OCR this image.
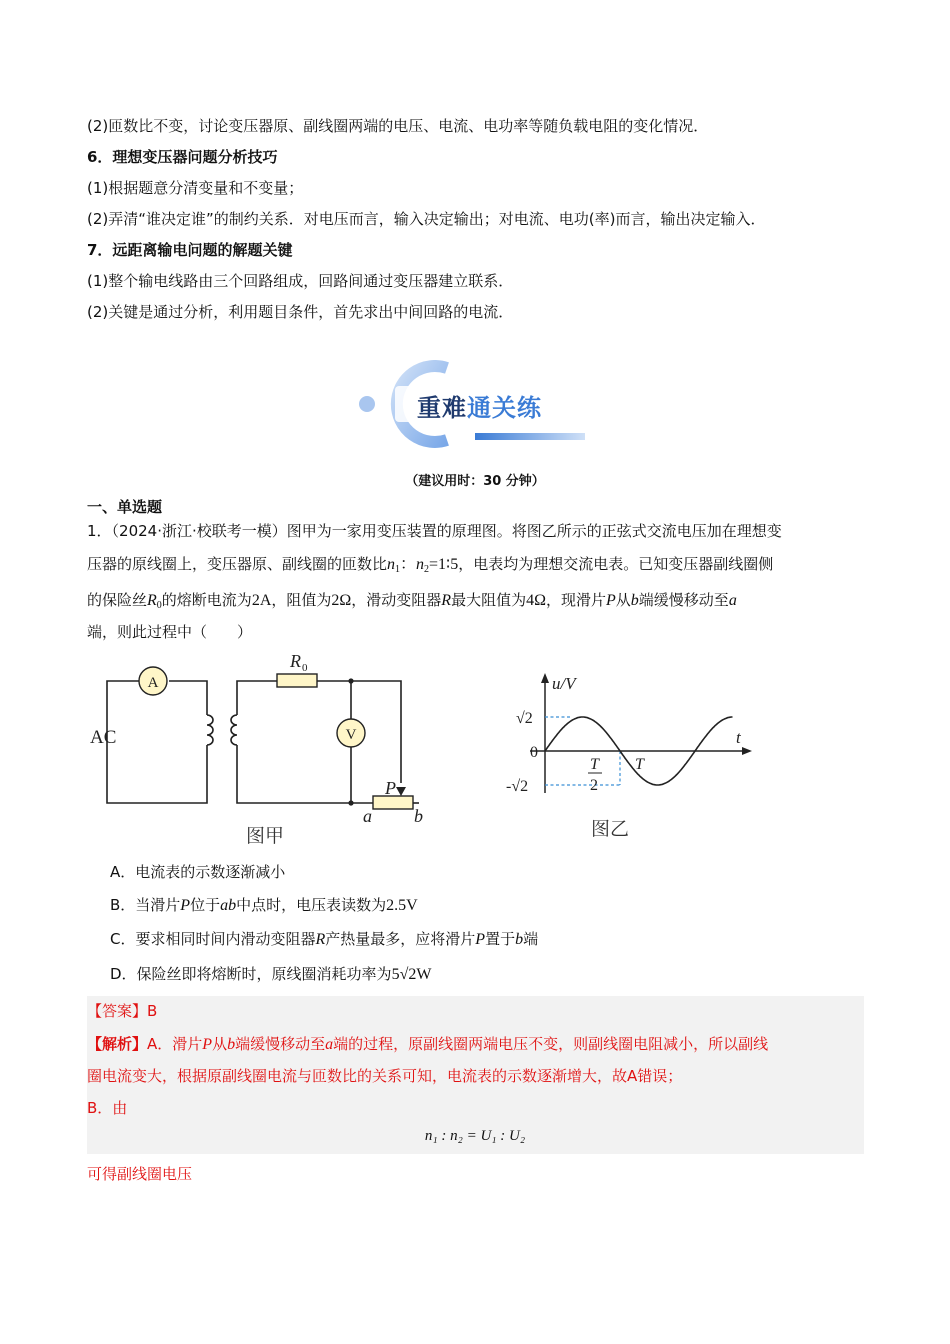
(2)匝数比不变，讨论变压器原、副线圈两端的电压、电流、电功率等随负载电阻的变化情况．
6．理想变压器问题分析技巧
(1)根据题意分清变量和不变量；
(2)弄清“谁决定谁”的制约关系．对电压而言，输入决定输出；对电流、电功(率)而言，输出决定输入．
7．远距离输电问题的解题关键
(1)整个输电线路由三个回路组成，回路间通过变压器建立联系．
(2)关键是通过分析，利用题目条件，首先求出中间回路的电流．
重难通关练
（建议用时：30 分钟）
一、单选题
1．（2024·浙江·校联考一模）图甲为一家用变压装置的原理图。将图乙所示的正弦式交流电压加在理想变
压器的原线圈上，变压器原、副线圈的匝数比$n_1$：$n_2=1∶5$，电表均为理想交流电表。已知变压器副线圈侧
的保险丝$R_0$的熔断电流为2A，阻值为2Ω，滑动变阻器R最大阻值为4Ω，现滑片P从b端缓慢移动至a
端，则此过程中（　　）
AC
A
V
R 0
P
a b
图甲
u/V
t
√2
0
-√2
T
2
T
图乙
A．电流表的示数逐渐减小
B．当滑片P位于ab中点时，电压表读数为2.5V
C．要求相同时间内滑动变阻器R产热量最多，应将滑片P置于b端
D．保险丝即将熔断时，原线圈消耗功率为5√2W
【答案】B
【解析】A．滑片P从b端缓慢移动至a端的过程，原副线圈两端电压不变，则副线圈电阻减小，所以副线
圈电流变大，根据原副线圈电流与匝数比的关系可知，电流表的示数逐渐增大，故A错误；
B．由
n₁ : n₂ = U₁ : U₂
可得副线圈电压
